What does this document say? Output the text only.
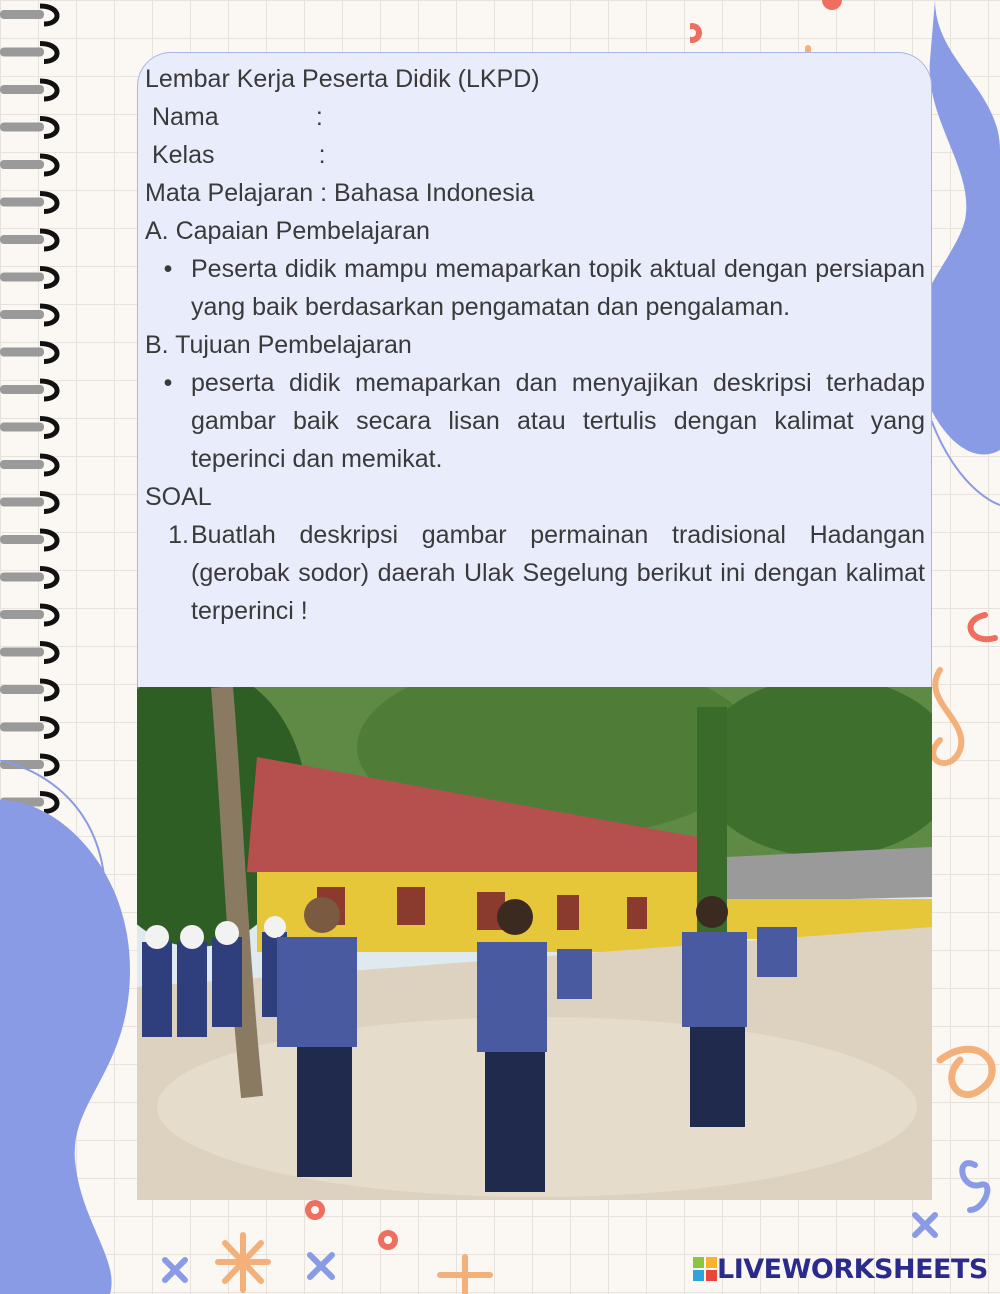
Lembar Kerja Peserta Didik (LKPD)
Nama              :
Kelas               :
Mata Pelajaran : Bahasa Indonesia
A. Capaian Pembelajaran
• Peserta didik mampu memaparkan topik aktual dengan persiapan yang baik berdasarkan pengamatan dan pengalaman.
B. Tujuan Pembelajaran
• peserta didik memaparkan dan menyajikan deskripsi terhadap gambar baik secara lisan atau tertulis dengan kalimat yang teperinci dan memikat.
SOAL
1. Buatlah deskripsi gambar permainan tradisional Hadangan (gerobak sodor) daerah Ulak Segelung berikut ini dengan kalimat terperinci !
LIVEWORKSHEETS
